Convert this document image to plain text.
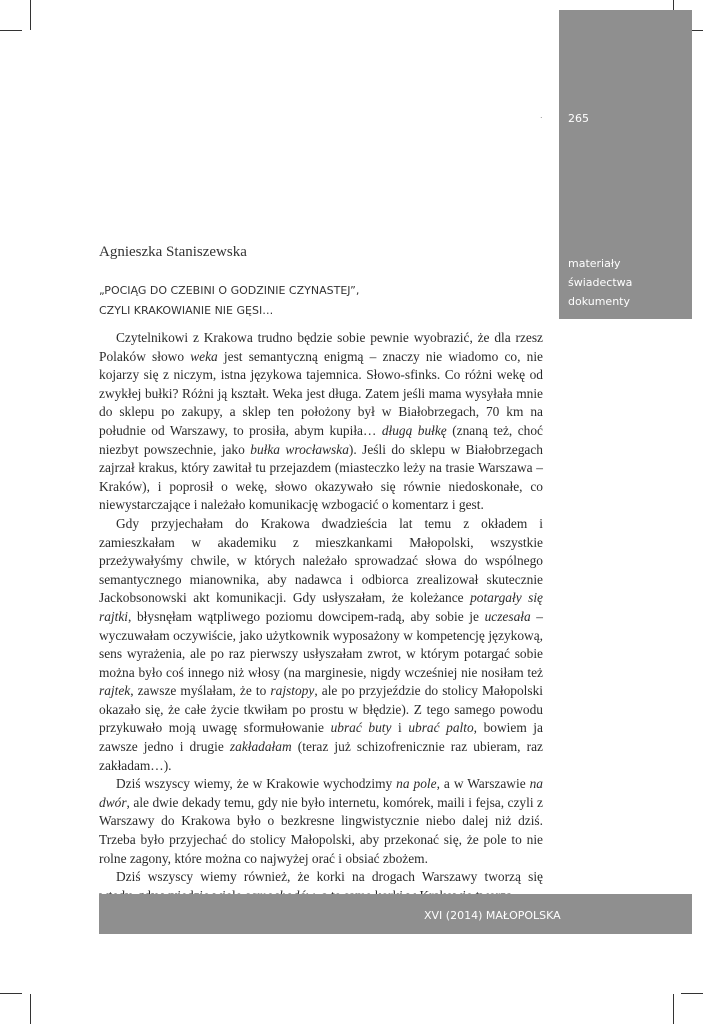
265
materiały
świadectwa
dokumenty
.
Agnieszka Staniszewska
„POCIĄG DO CZEBINI O GODZINIE CZYNASTEJ”,
CZYLI KRAKOWIANIE NIE GĘSI…

Czytelnikowi z Krakowa trudno będzie sobie pewnie wyobrazić, że dla rzesz Polaków słowo weka jest semantyczną enigmą – znaczy nie wiadomo co, nie kojarzy się z niczym, istna językowa tajemnica. Słowo-sfinks. Co różni wekę od zwykłej bułki? Różni ją kształt. Weka jest długa. Zatem jeśli mama wysyłała mnie do sklepu po zakupy, a sklep ten położony był w Białobrzegach, 70 km na południe od Warszawy, to prosiła, abym kupiła… długą bułkę (znaną też, choć niezbyt powszechnie, jako bułka wrocławska). Jeśli do sklepu w Białobrzegach zajrzał krakus, który zawitał tu przejazdem (miasteczko leży na trasie Warszawa – Kraków), i poprosił o wekę, słowo okazywało się równie niedoskonałe, co niewystarczające i należało komunikację wzbogacić o komentarz i gest.

Gdy przyjechałam do Krakowa dwadzieścia lat temu z okładem i zamieszkałam w akademiku z mieszkankami Małopolski, wszystkie przeżywałyśmy chwile, w których należało sprowadzać słowa do wspólnego semantycznego mianownika, aby nadawca i odbiorca zrealizował skutecznie Jackobsonowski akt komunikacji. Gdy usłyszałam, że koleżance potargały się rajtki, błysnęłam wątpliwego poziomu dowcipem-radą, aby sobie je uczesała – wyczuwałam oczywiście, jako użytkownik wyposażony w kompetencję językową, sens wyrażenia, ale po raz pierwszy usłyszałam zwrot, w którym potargać sobie można było coś innego niż włosy (na marginesie, nigdy wcześniej nie nosiłam też rajtek, zawsze myślałam, że to rajstopy, ale po przyjeździe do stolicy Małopolski okazało się, że całe życie tkwiłam po prostu w błędzie). Z tego samego powodu przykuwało moją uwagę sformułowanie ubrać buty i ubrać palto, bowiem ja zawsze jedno i drugie zakładałam (teraz już schizofrenicznie raz ubieram, raz zakładam…).

Dziś wszyscy wiemy, że w Krakowie wychodzimy na pole, a w Warszawie na dwór, ale dwie dekady temu, gdy nie było internetu, komórek, maili i fejsa, czyli z Warszawy do Krakowa było o bezkresne lingwistycznie niebo dalej niż dziś. Trzeba było przyjechać do stolicy Małopolski, aby przekonać się, że pole to nie rolne zagony, które można co najwyżej orać i obsiać zbożem.

Dziś wszyscy wiemy również, że korki na drogach Warszawy tworzą się

XVI (2014) MAŁOPOLSKA
